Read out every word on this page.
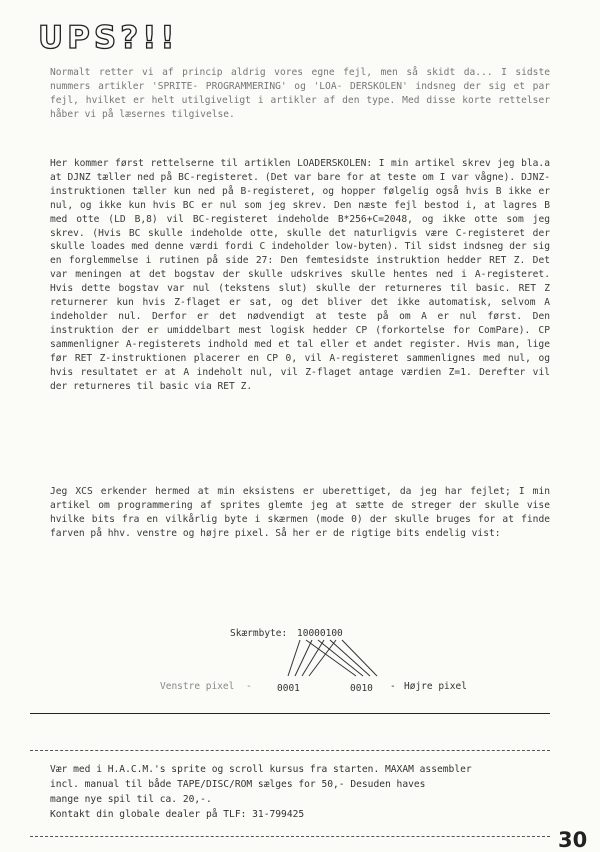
UPS?!!

Normalt retter vi af princip aldrig vores egne fejl, men så skidt da... I sidste nummers artikler 'SPRITE- PROGRAMMERING' og 'LOA- DERSKOLEN' indsneg der sig et par fejl, hvilket er helt utilgiveligt i artikler af den type. Med disse korte rettelser håber vi på læsernes tilgivelse.

Her kommer først rettelserne til artiklen LOADERSKOLEN: I min artikel skrev jeg bla.a at DJNZ tæller ned på BC-registeret. (Det var bare for at teste om I var vågne). DJNZ-instruktionen tæller kun ned på B-registeret, og hopper følgelig også hvis B ikke er nul, og ikke kun hvis BC er nul som jeg skrev. Den næste fejl bestod i, at lagres B med otte (LD B,8) vil BC-registeret indeholde B*256+C=2048, og ikke otte som jeg skrev. (Hvis BC skulle indeholde otte, skulle det naturligvis være C-registeret der skulle loades med denne værdi fordi C indeholder low-byten). Til sidst indsneg der sig en forglemmelse i rutinen på side 27: Den femtesidste instruktion hedder RET Z. Det var meningen at det bogstav der skulle udskrives skulle hentes ned i A-registeret. Hvis dette bogstav var nul (tekstens slut) skulle der returneres til basic. RET Z returnerer kun hvis Z-flaget er sat, og det bliver det ikke automatisk, selvom A indeholder nul. Derfor er det nødvendigt at teste på om A er nul først. Den instruktion der er umiddelbart mest logisk hedder CP (forkortelse for ComPare). CP sammenligner A-registerets indhold med et tal eller et andet register. Hvis man, lige før RET Z-instruktionen placerer en CP 0, vil A-registeret sammenlignes med nul, og hvis resultatet er at A indeholt nul, vil Z-flaget antage værdien Z=1. Derefter vil der returneres til basic via RET Z.

Jeg XCS erkender hermed at min eksistens er uberettiget, da jeg har fejlet; I min artikel om programmering af sprites glemte jeg at sætte de streger der skulle vise hvilke bits fra en vilkårlig byte i skærmen (mode 0) der skulle bruges for at finde farven på hhv. venstre og højre pixel. Så her er de rigtige bits endelig vist:

Skærmbyte: 10000100
Venstre pixel -	0001	0010 - Højre pixel
Vær med i H.A.C.M.'s sprite og scroll kursus fra starten. MAXAM assembler
incl. manual til både TAPE/DISC/ROM sælges for 50,- Desuden haves
mange nye spil til ca. 20,-.
Kontakt din globale dealer på TLF: 31-799425
30
